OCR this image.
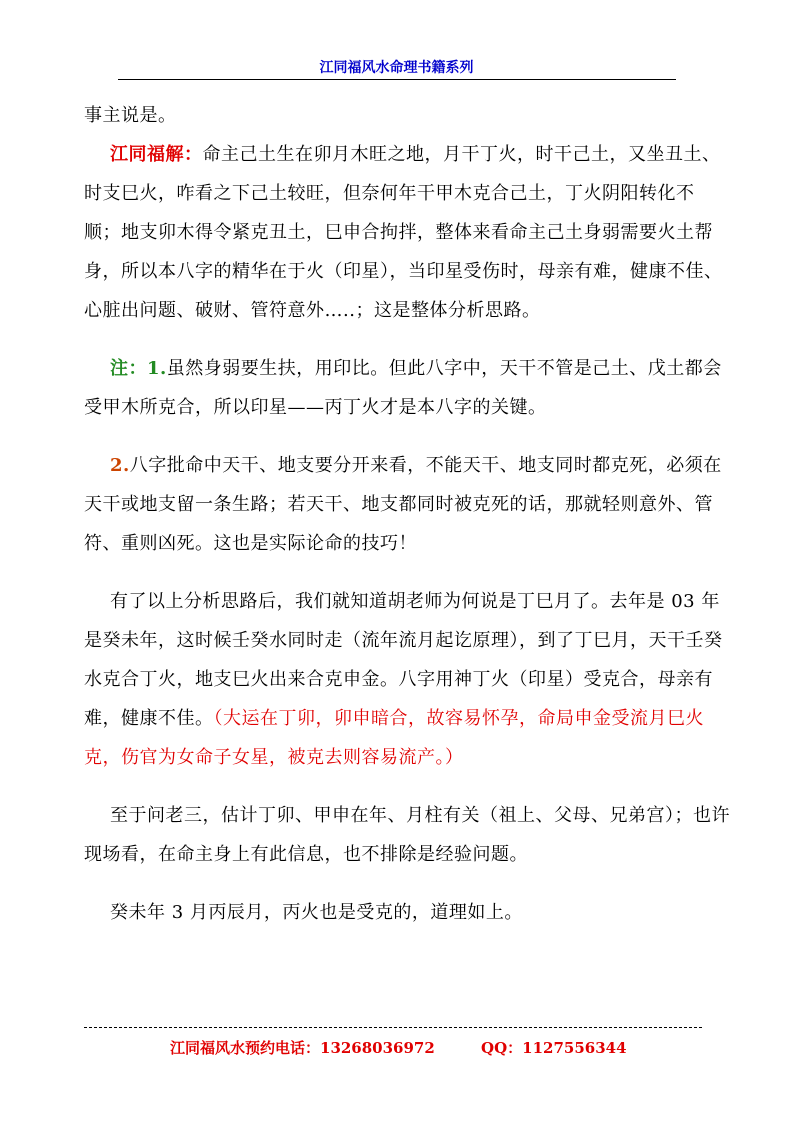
江同福风水命理书籍系列

事主说是。

江同福解：命主己土生在卯月木旺之地，月干丁火，时干己土，又坐丑土、时支巳火，咋看之下己土较旺，但奈何年干甲木克合己土，丁火阴阳转化不顺；地支卯木得令紧克丑土，巳申合拘拌，整体来看命主己土身弱需要火土帮身，所以本八字的精华在于火（印星），当印星受伤时，母亲有难，健康不佳、心脏出问题、破财、管符意外…..；这是整体分析思路。

注：1.虽然身弱要生扶，用印比。但此八字中，天干不管是己土、戊土都会受甲木所克合，所以印星——丙丁火才是本八字的关键。

2.八字批命中天干、地支要分开来看，不能天干、地支同时都克死，必须在天干或地支留一条生路；若天干、地支都同时被克死的话，那就轻则意外、管符、重则凶死。这也是实际论命的技巧！

有了以上分析思路后，我们就知道胡老师为何说是丁巳月了。去年是 03 年是癸未年，这时候壬癸水同时走（流年流月起讫原理），到了丁巳月，天干壬癸水克合丁火，地支巳火出来合克申金。八字用神丁火（印星）受克合，母亲有难，健康不佳。（大运在丁卯，卯申暗合，故容易怀孕，命局申金受流月巳火克，伤官为女命子女星，被克去则容易流产。）

至于问老三，估计丁卯、甲申在年、月柱有关（祖上、父母、兄弟宫）；也许现场看，在命主身上有此信息，也不排除是经验问题。

癸未年 3 月丙辰月，丙火也是受克的，道理如上。

江同福风水预约电话：13268036972	QQ：1127556344
